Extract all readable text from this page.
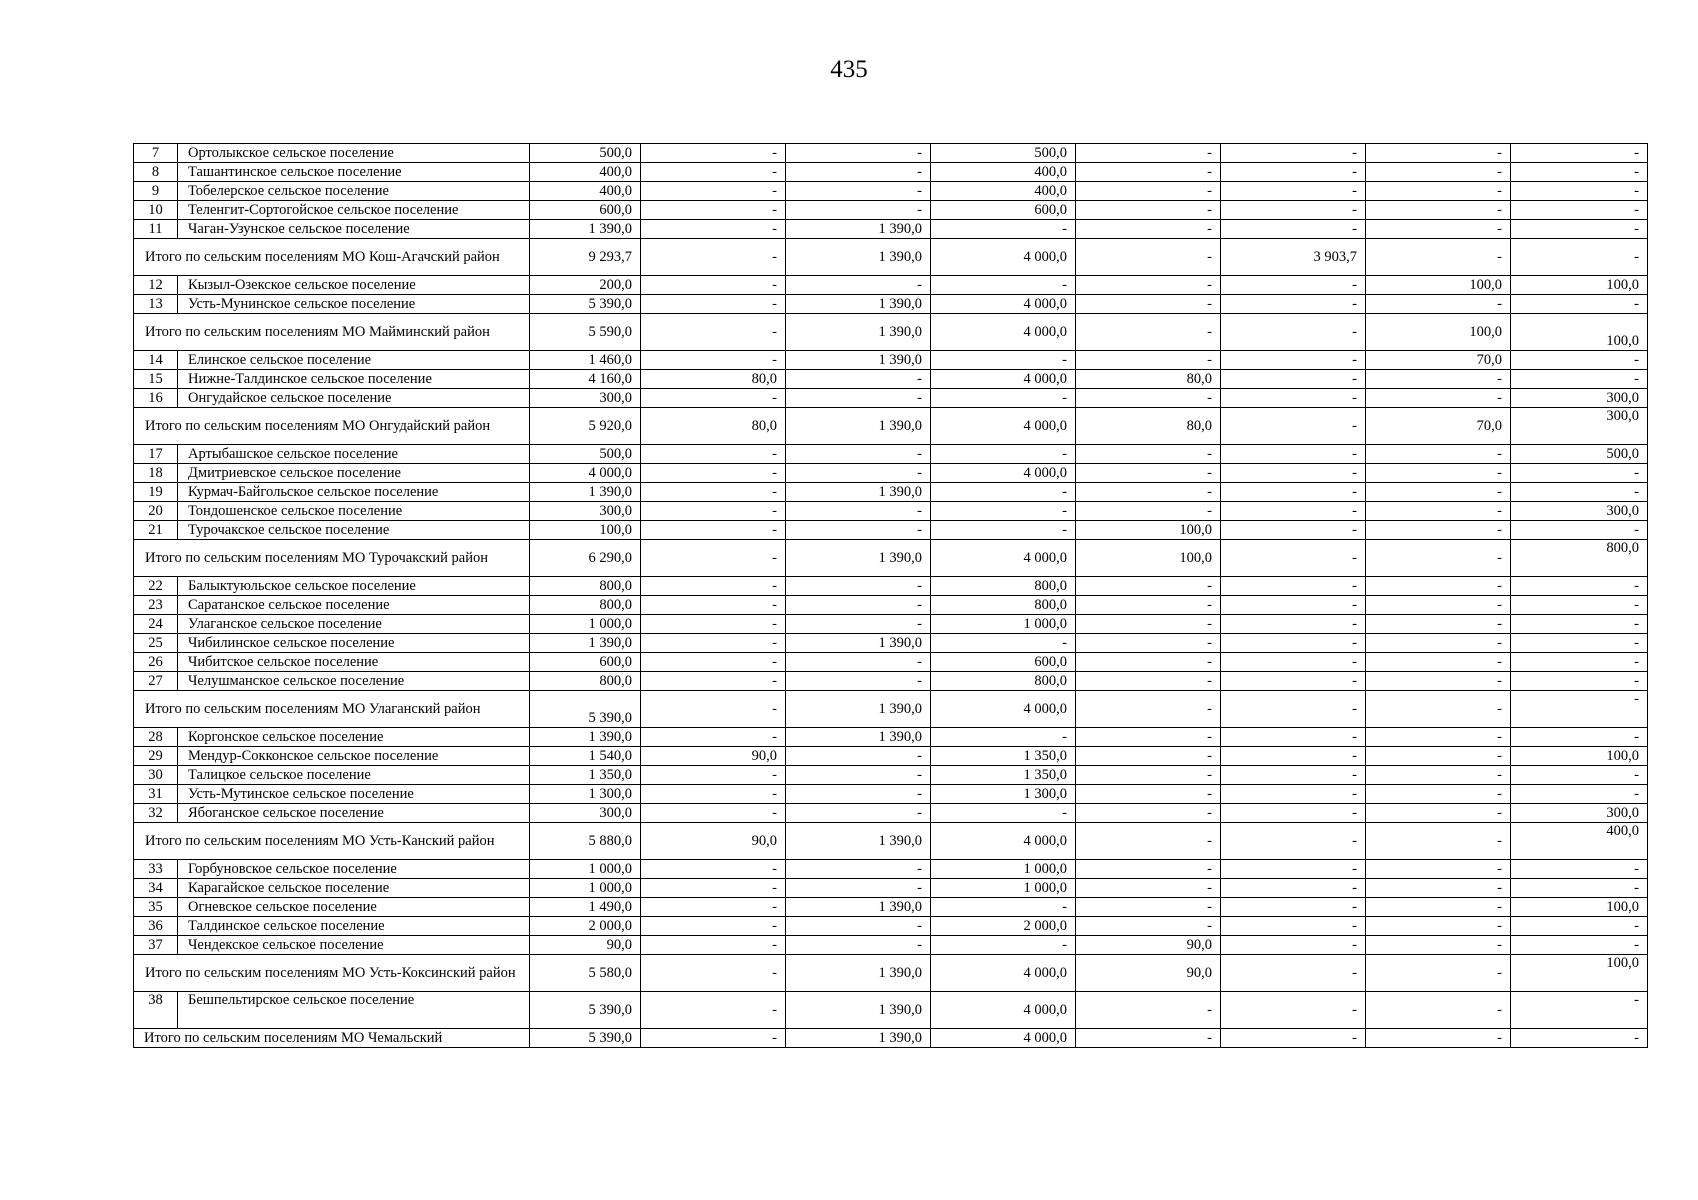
435
7	Ортолыкское сельское поселение	500,0	-	-	500,0	-	-	-	-
8	Ташантинское сельское поселение	400,0	-	-	400,0	-	-	-	-
9	Тобелерское сельское поселение	400,0	-	-	400,0	-	-	-	-
10	Теленгит-Сортогойское сельское поселение	600,0	-	-	600,0	-	-	-	-
11	Чаган-Узунское сельское поселение	1 390,0	-	1 390,0	-	-	-	-	-
Итого по сельским поселениям МО Кош-Агачский район		9 293,7	-	1 390,0	4 000,0	-	3 903,7	-	-
12	Кызыл-Озекское сельское поселение	200,0	-	-	-	-	-	100,0	100,0
13	Усть-Мунинское сельское поселение	5 390,0	-	1 390,0	4 000,0	-	-	-	-
Итого по сельским поселениям МО Майминский район		5 590,0	-	1 390,0	4 000,0	-	-	100,0	100,0
14	Елинское сельское поселение	1 460,0	-	1 390,0	-	-	-	70,0	-
15	Нижне-Талдинское сельское поселение	4 160,0	80,0	-	4 000,0	80,0	-	-	-
16	Онгудайское сельское поселение	300,0	-	-	-	-	-	-	300,0
Итого по сельским поселениям МО Онгудайский район		5 920,0	80,0	1 390,0	4 000,0	80,0	-	70,0	300,0
17	Артыбашское сельское поселение	500,0	-	-	-	-	-	-	500,0
18	Дмитриевское сельское поселение	4 000,0	-	-	4 000,0	-	-	-	-
19	Курмач-Байгольское сельское поселение	1 390,0	-	1 390,0	-	-	-	-	-
20	Тондошенское сельское поселение	300,0	-	-	-	-	-	-	300,0
21	Турочакское сельское поселение	100,0	-	-	-	100,0	-	-	-
Итого по сельским поселениям МО Турочакский район		6 290,0	-	1 390,0	4 000,0	100,0	-	-	800,0
22	Балыктуюльское сельское поселение	800,0	-	-	800,0	-	-	-	-
23	Саратанское сельское поселение	800,0	-	-	800,0	-	-	-	-
24	Улаганское сельское поселение	1 000,0	-	-	1 000,0	-	-	-	-
25	Чибилинское сельское поселение	1 390,0	-	1 390,0	-	-	-	-	-
26	Чибитское сельское поселение	600,0	-	-	600,0	-	-	-	-
27	Челушманское сельское поселение	800,0	-	-	800,0	-	-	-	-
Итого по сельским поселениям МО Улаганский район		5 390,0	-	1 390,0	4 000,0	-	-	-	-
28	Коргонское сельское поселение	1 390,0	-	1 390,0	-	-	-	-	-
29	Мендур-Сокконское сельское поселение	1 540,0	90,0	-	1 350,0	-	-	-	100,0
30	Талицкое сельское поселение	1 350,0	-	-	1 350,0	-	-	-	-
31	Усть-Мутинское сельское поселение	1 300,0	-	-	1 300,0	-	-	-	-
32	Ябоганское сельское поселение	300,0	-	-	-	-	-	-	300,0
Итого по сельским поселениям МО Усть-Канский район		5 880,0	90,0	1 390,0	4 000,0	-	-	-	400,0
33	Горбуновское сельское поселение	1 000,0	-	-	1 000,0	-	-	-	-
34	Карагайское сельское поселение	1 000,0	-	-	1 000,0	-	-	-	-
35	Огневское сельское поселение	1 490,0	-	1 390,0	-	-	-	-	100,0
36	Талдинское сельское поселение	2 000,0	-	-	2 000,0	-	-	-	-
37	Чендекское сельское поселение	90,0	-	-	-	90,0	-	-	-
Итого по сельским поселениям МО Усть-Коксинский район		5 580,0	-	1 390,0	4 000,0	90,0	-	-	100,0
38	Бешпельтирское сельское поселение	5 390,0	-	1 390,0	4 000,0	-	-	-	-
Итого по сельским поселениям МО Чемальский		5 390,0	-	1 390,0	4 000,0	-	-	-	-
